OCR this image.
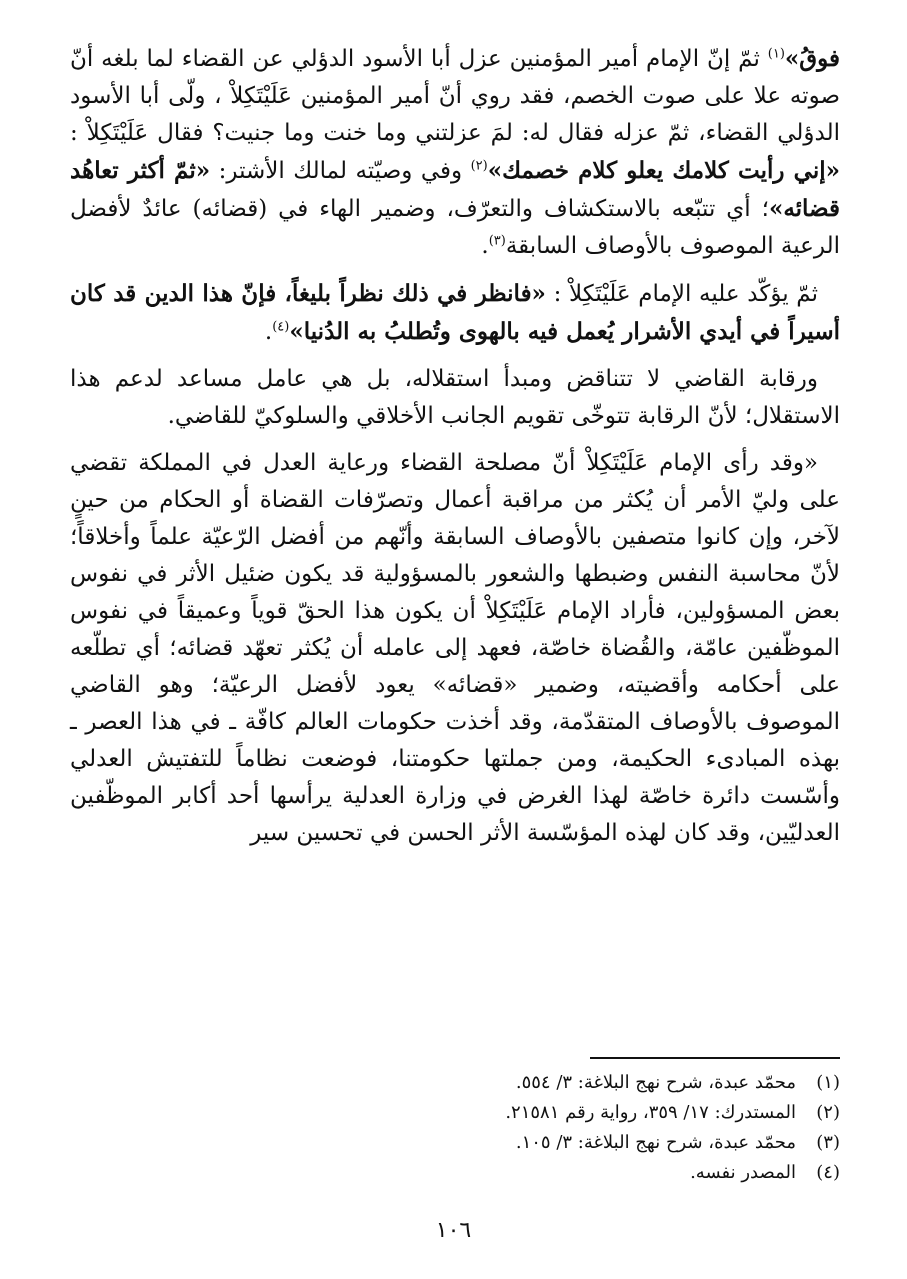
فوقُ»$^{(١)}$ ثمّ إنّ الإمام أمير المؤمنين عزل أبا الأسود الدؤلي عن القضاء لما بلغه أنّ صوته علا على صوت الخصم، فقد روي أنّ أمير المؤمنين عَلَيْتَكِلاْ ، ولّى أبا الأسود الدؤلي القضاء، ثمّ عزله فقال له: لمَ عزلتني وما خنت وما جنيت؟ فقال عَلَيْتَكِلاْ : «إني رأيت كلامك يعلو كلام خصمك»$^{(٢)}$ وفي وصيّته لمالك الأشتر: «ثمّ أكثر تعاهُد قضائه»؛ أي تتبّعه بالاستكشاف والتعرّف، وضمير الهاء في (قضائه) عائدٌ لأفضل الرعية الموصوف بالأوصاف السابقة$^{(٣)}$.

ثمّ يؤكّد عليه الإمام عَلَيْتَكِلاْ : «فانظر في ذلك نظراً بليغاً، فإنّ هذا الدين قد كان أسيراً في أيدي الأشرار يُعمل فيه بالهوى وتُطلبُ به الدُنيا»$^{(٤)}$.

ورقابة القاضي لا تتناقض ومبدأ استقلاله، بل هي عامل مساعد لدعم هذا الاستقلال؛ لأنّ الرقابة تتوخّى تقويم الجانب الأخلاقي والسلوكيّ للقاضي.

«وقد رأى الإمام عَلَيْتَكِلاْ أنّ مصلحة القضاء ورعاية العدل في المملكة تقضي على وليّ الأمر أن يُكثر من مراقبة أعمال وتصرّفات القضاة أو الحكام من حينٍ لآخر، وإن كانوا متصفين بالأوصاف السابقة وأنّهم من أفضل الرّعيّة علماً وأخلاقاً؛ لأنّ محاسبة النفس وضبطها والشعور بالمسؤولية قد يكون ضئيل الأثر في نفوس بعض المسؤولين، فأراد الإمام عَلَيْتَكِلاْ أن يكون هذا الحقّ قوياً وعميقاً في نفوس الموظّفين عامّة، والقُضاة خاصّة، فعهد إلى عامله أن يُكثر تعهّد قضائه؛ أي تطلّعه على أحكامه وأقضيته، وضمير «قضائه» يعود لأفضل الرعيّة؛ وهو القاضي الموصوف بالأوصاف المتقدّمة، وقد أخذت حكومات العالم كافّة ـ في هذا العصر ـ بهذه المبادىء الحكيمة، ومن جملتها حكومتنا، فوضعت نظاماً للتفتيش العدلي وأسّست دائرة خاصّة لهذا الغرض في وزارة العدلية يرأسها أحد أكابر الموظّفين العدليّين، وقد كان لهذه المؤسّسة الأثر الحسن في تحسين سير

(١)
محمّد عبدة، شرح نهج البلاغة: ٣/ ٥٥٤.
(٢)
المستدرك: ١٧/ ٣٥٩، رواية رقم ٢١٥٨١.
(٣)
محمّد عبدة، شرح نهج البلاغة: ٣/ ١٠٥.
(٤)
المصدر نفسه.
١٠٦
